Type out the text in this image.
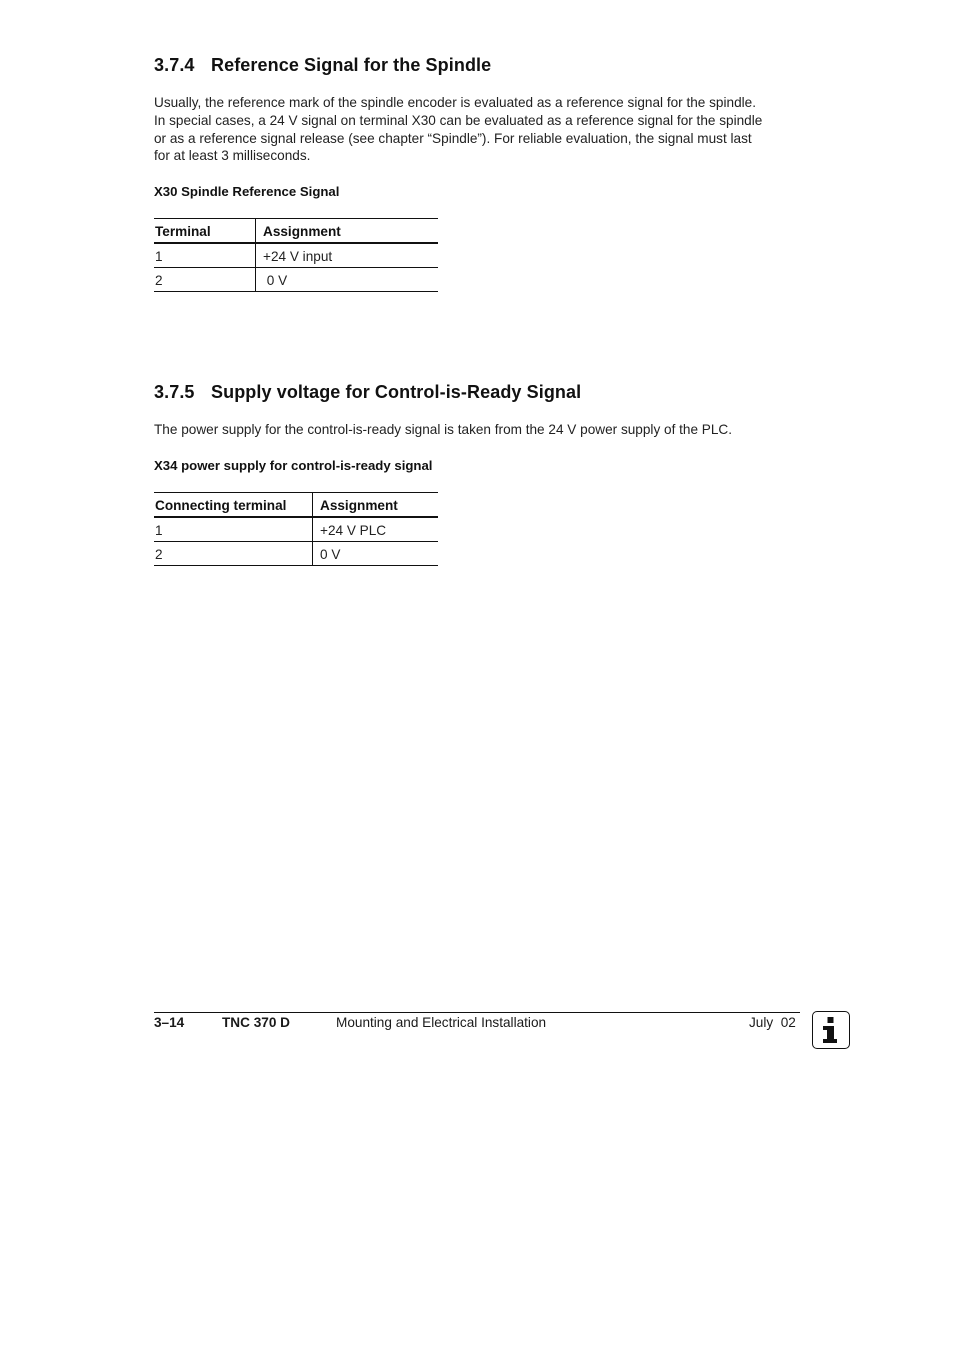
3.7.4 Reference Signal for the Spindle

Usually, the reference mark of the spindle encoder is evaluated as a reference signal for the spindle.
In special cases, a 24 V signal on terminal X30 can be evaluated as a reference signal for the spindle
or as a reference signal release (see chapter “Spindle”). For reliable evaluation, the signal must last
for at least 3 milliseconds.

X30 Spindle Reference Signal
Terminal	Assignment
1	+24 V input
2	0 V
3.7.5 Supply voltage for Control-is-Ready Signal

The power supply for the control-is-ready signal is taken from the 24 V power supply of the PLC.

X34 power supply for control-is-ready signal
Connecting terminal	Assignment
1	+24 V PLC
2	0 V
3–14	TNC 370 D	Mounting and Electrical Installation	July  02
